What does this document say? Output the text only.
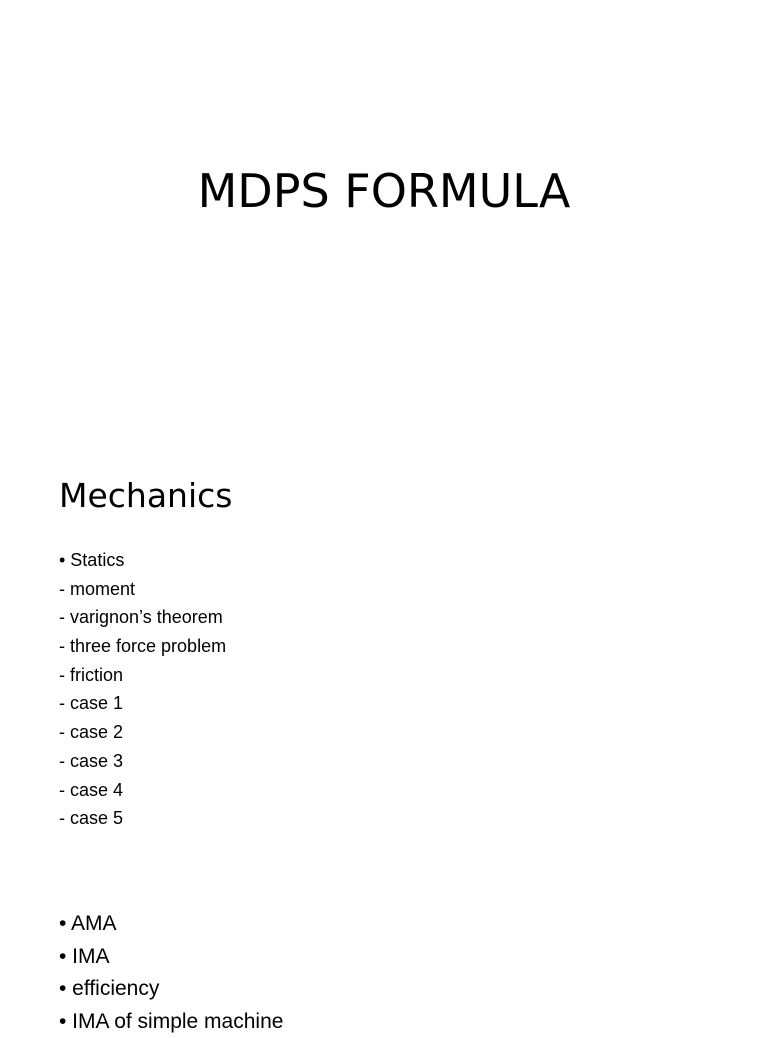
MDPS FORMULA
Mechanics
• Statics
- moment
- varignon’s theorem
- three force problem
- friction
- case 1
- case 2
- case 3
- case 4
- case 5
• AMA
• IMA
• efficiency
• IMA of simple machine
